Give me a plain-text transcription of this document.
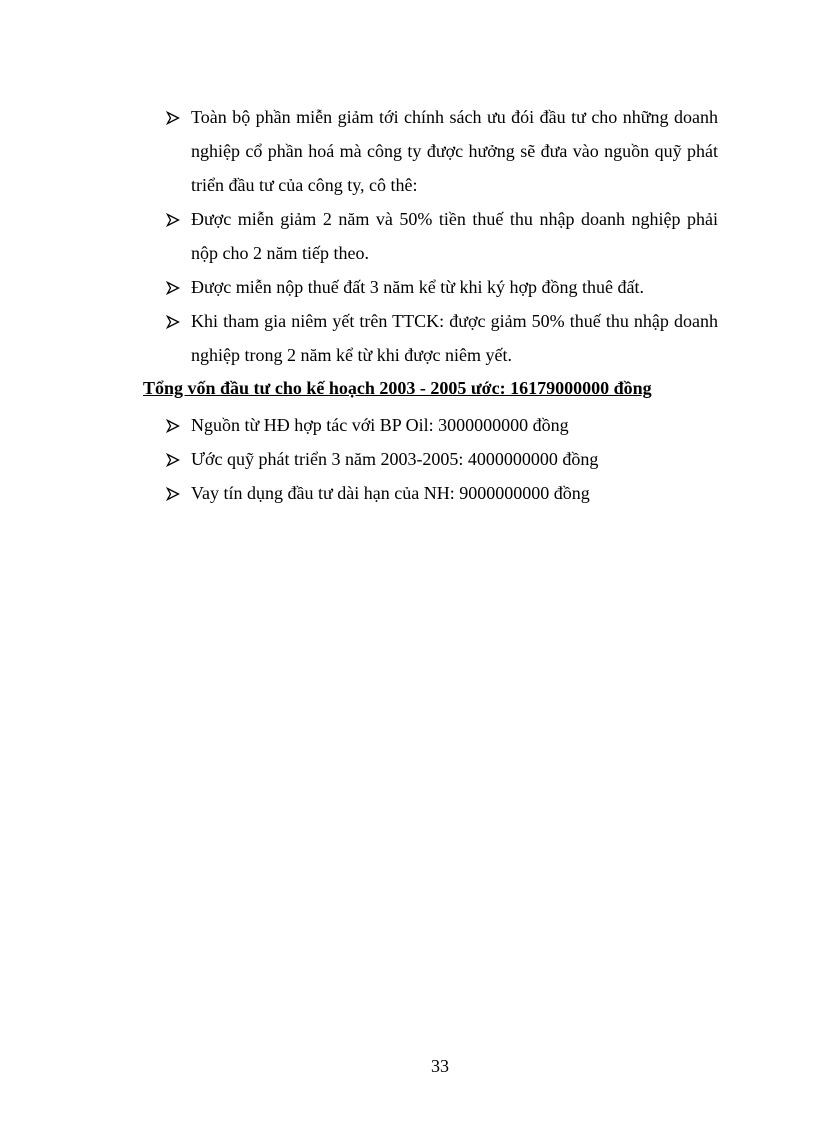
Toàn bộ phần miễn giảm tới chính sách ưu đói đầu tư cho những doanh nghiệp cổ phần hoá mà công ty được hưởng sẽ đưa vào nguồn quỹ phát triển đầu tư của công ty, cô thê:
Được miễn giảm 2 năm và 50% tiền thuế thu nhập doanh nghiệp phải nộp cho 2 năm tiếp theo.
Được miễn nộp thuế đất 3 năm kể từ khi ký hợp đồng thuê đất.
Khi tham gia niêm yết trên TTCK: được giảm 50% thuế thu nhập doanh nghiệp trong 2 năm kể từ khi được niêm yết.
Tổng vốn đầu tư cho kế hoạch 2003 - 2005 ước: 16179000000 đồng
Nguồn từ HĐ hợp tác với BP Oil: 3000000000 đồng
Ước quỹ phát triển 3 năm 2003-2005: 4000000000 đồng
Vay tín dụng đầu tư dài hạn của NH: 9000000000 đồng
33
